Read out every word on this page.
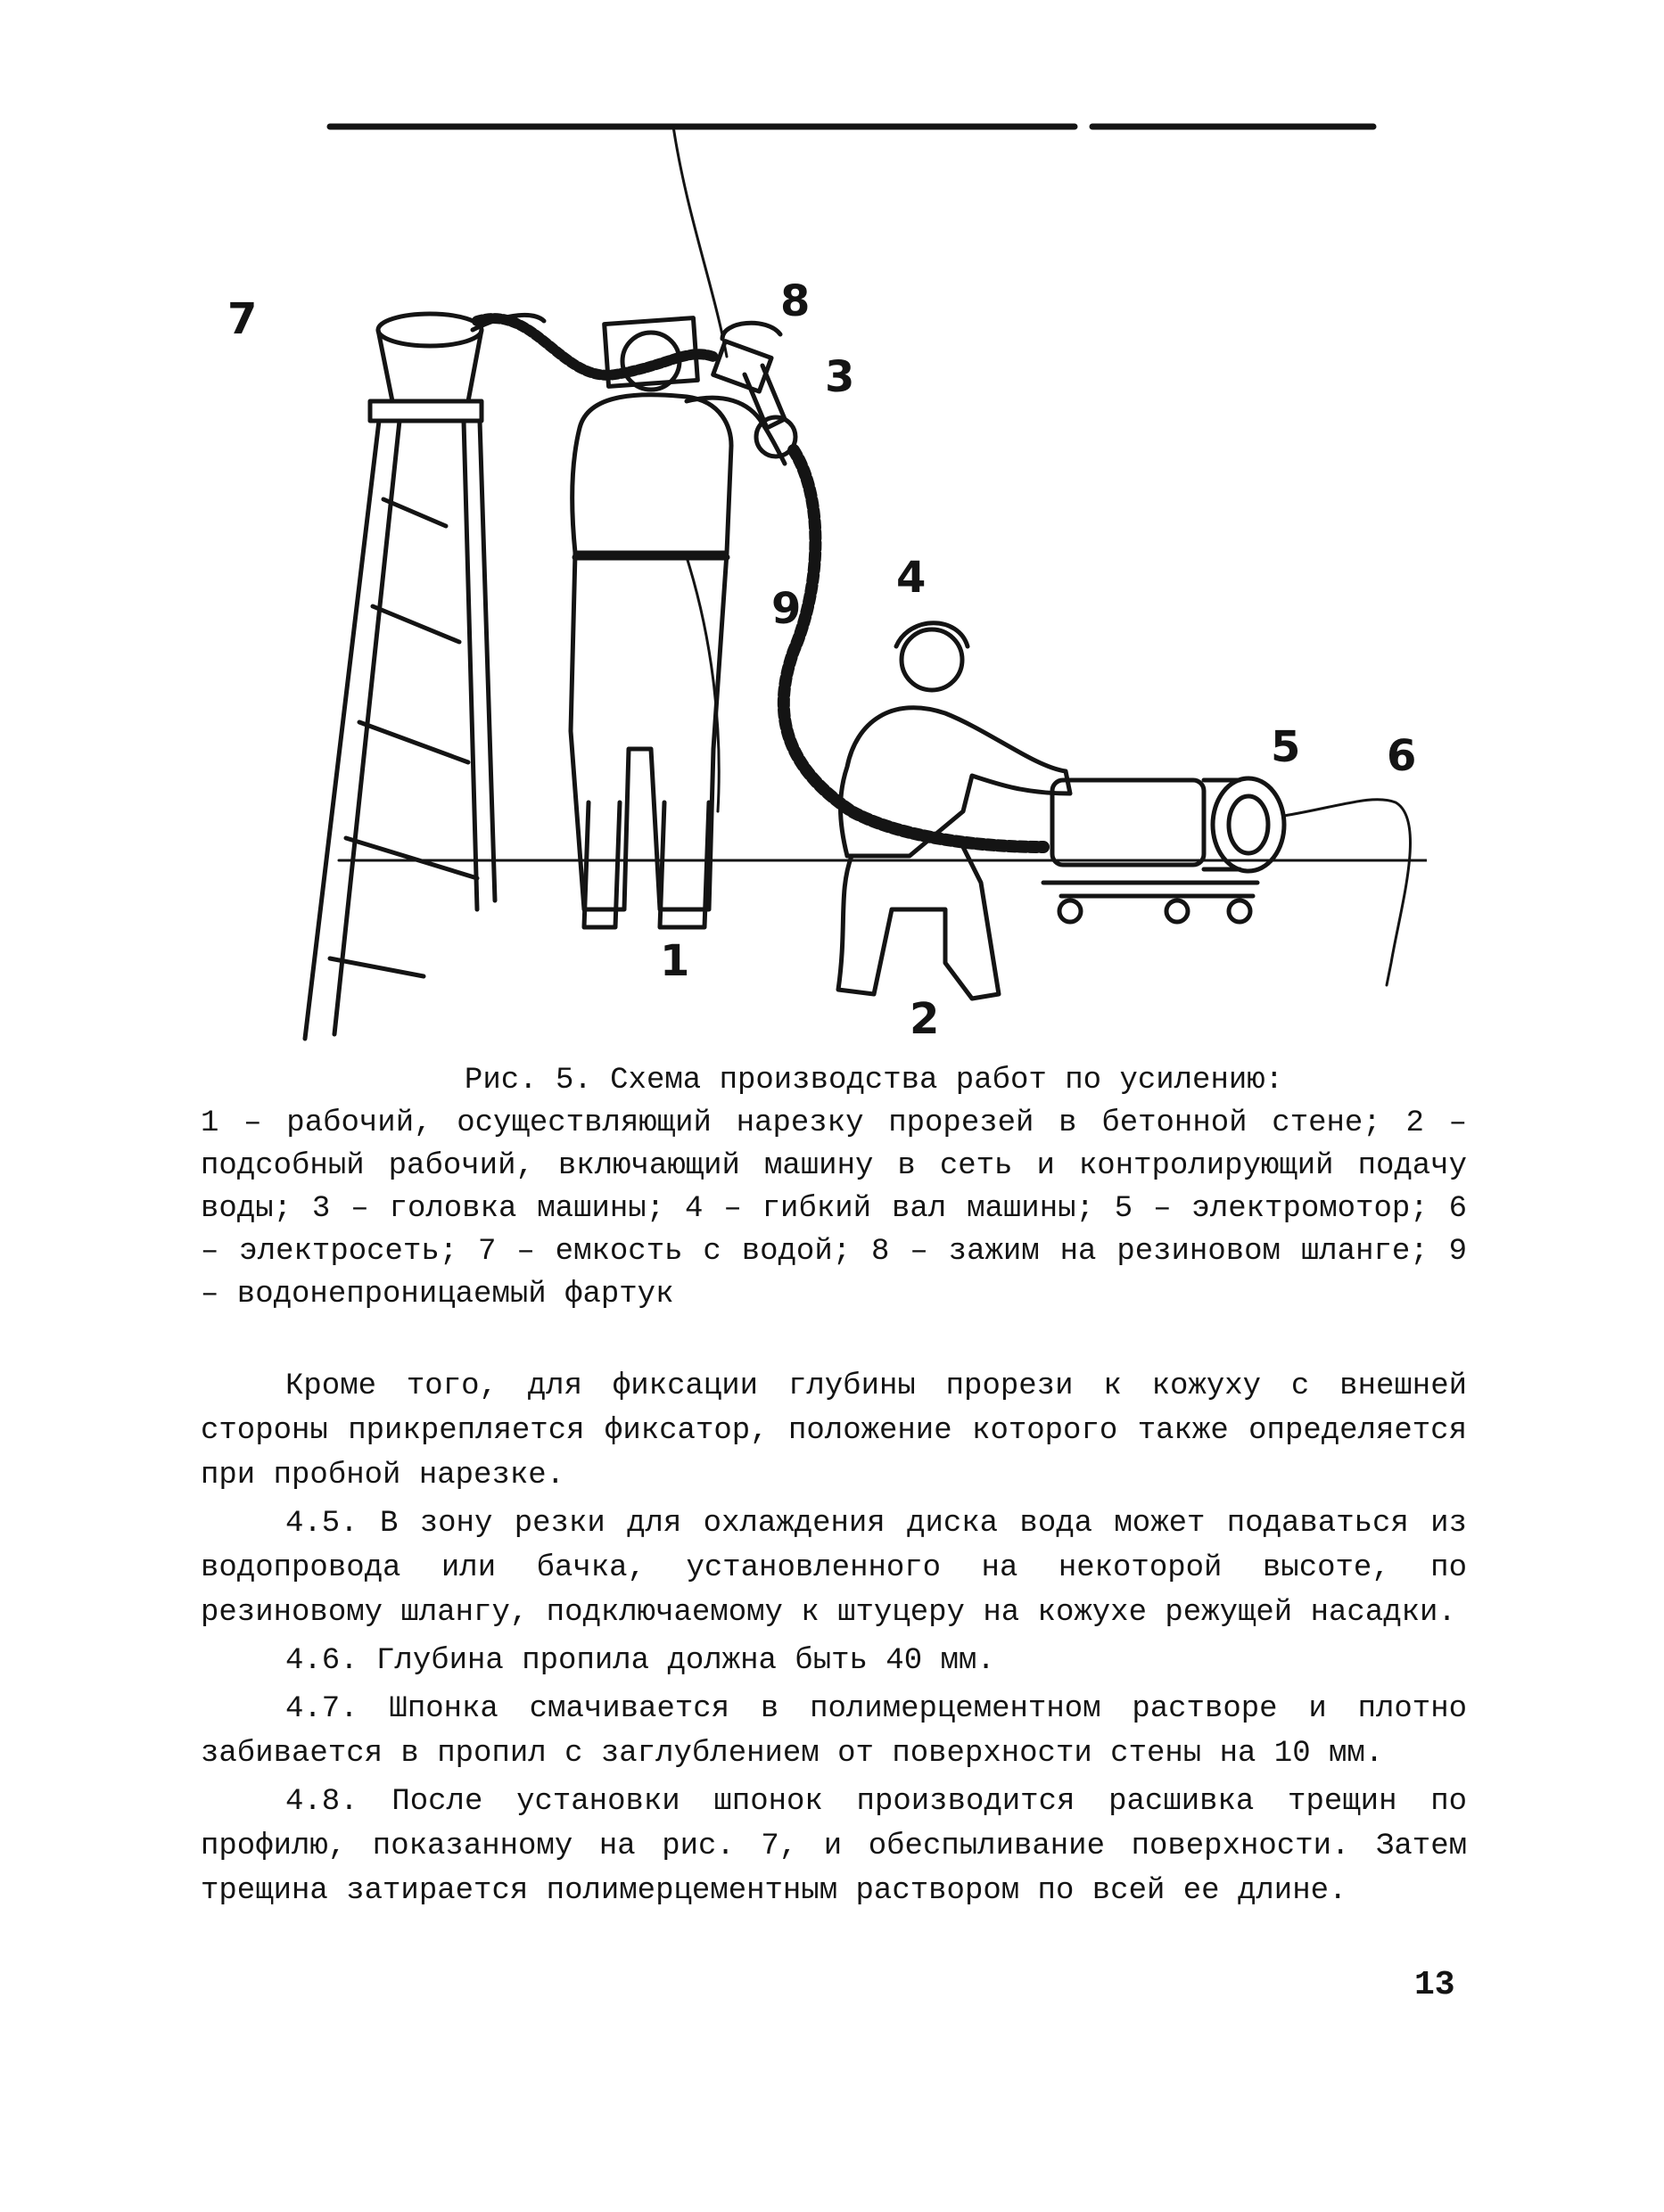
7	8
3
4
9
5 6
1
2
Рис. 5. Схема производства работ по усилению:
1 – рабочий, осуществляющий нарезку прорезей в бетонной стене; 2 – подсобный рабочий, включающий машину в сеть и контролирующий подачу воды; 3 – головка машины; 4 – гибкий вал машины; 5 – электромотор; 6 – электросеть; 7 – емкость с водой; 8 – зажим на резиновом шланге; 9 – водонепроницаемый фартук

Кроме того, для фиксации глубины прорези к кожуху с внешней стороны прикрепляется фиксатор, положение которого также определяется при пробной нарезке.

4.5. В зону резки для охлаждения диска вода может подаваться из водопровода или бачка, установленного на некоторой высоте, по резиновому шлангу, подключаемому к штуцеру на кожухе режущей насадки.

4.6. Глубина пропила должна быть 40 мм.

4.7. Шпонка смачивается в полимерцементном растворе и плотно забивается в пропил с заглублением от поверхности стены на 10 мм.

4.8. После установки шпонок производится расшивка трещин по профилю, показанному на рис. 7, и обеспыливание поверхности. Затем трещина затирается полимерцементным раствором по всей ее длине.

13
